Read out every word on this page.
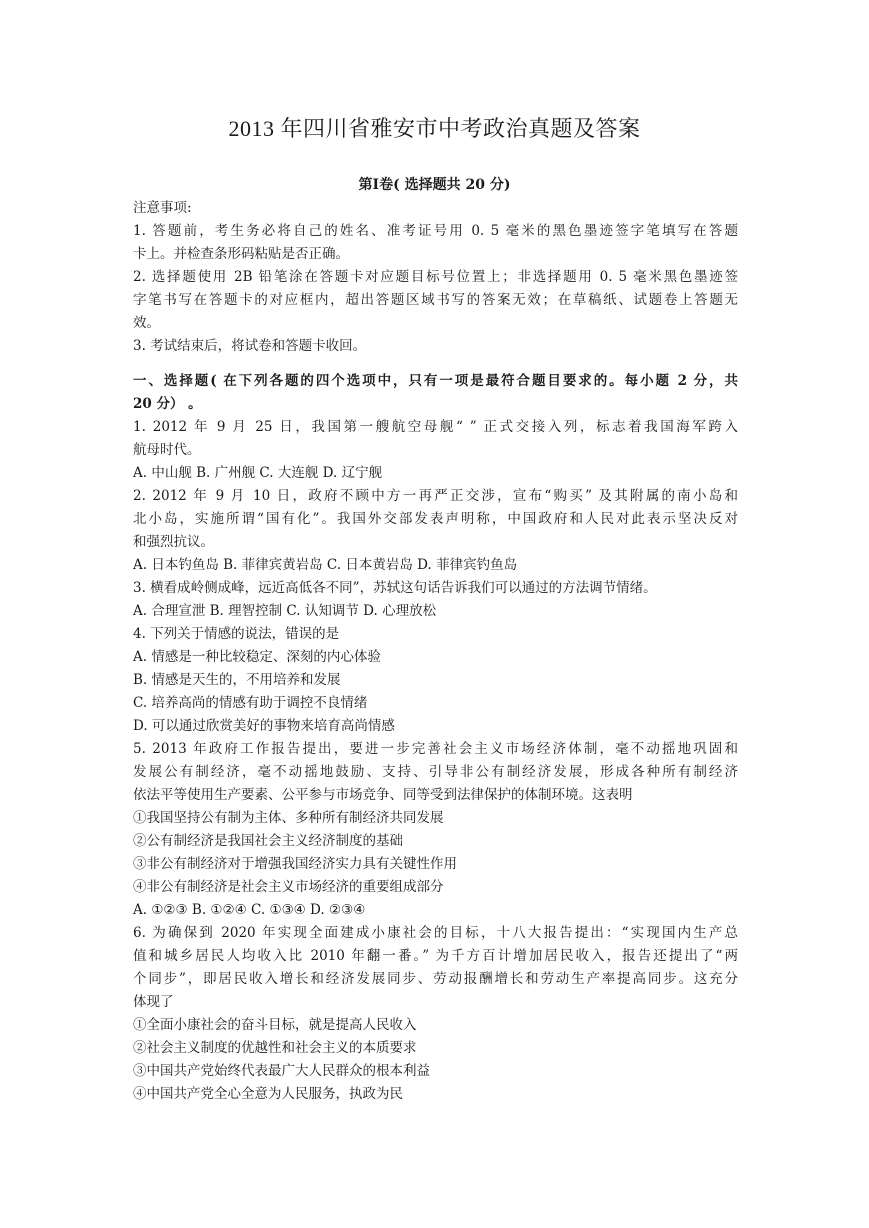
2013 年四川省雅安市中考政治真题及答案
第Ⅰ卷( 选择题共 20 分)
注意事项:
1. 答题前，考生务必将自己的姓名、准考证号用 0. 5 毫米的黑色墨迹签字笔填写在答题
卡上。并检查条形码粘贴是否正确。
2. 选择题使用 2B 铅笔涂在答题卡对应题目标号位置上；非选择题用 0. 5 毫米黑色墨迹签
字笔书写在答题卡的对应框内，超出答题区域书写的答案无效；在草稿纸、试题卷上答题无
效。
3. 考试结束后，将试卷和答题卡收回。
一、选择题( 在下列各题的四个选项中，只有一项是最符合题目要求的。每小题 2 分，共
20 分） 。
1. 2012 年 9 月 25 日，我国第一艘航空母舰“ ” 正式交接入列，标志着我国海军跨入
航母时代。
A. 中山舰 B. 广州舰 C. 大连舰 D. 辽宁舰
2. 2012 年 9 月 10 日，政府不顾中方一再严正交涉，宣布“购买” 及其附属的南小岛和
北小岛，实施所谓“国有化”。我国外交部发表声明称，中国政府和人民对此表示坚决反对
和强烈抗议。
A. 日本钓鱼岛 B. 菲律宾黄岩岛 C. 日本黄岩岛 D. 菲律宾钓鱼岛
3. 横看成岭侧成峰，远近高低各不同”，苏轼这句话告诉我们可以通过的方法调节情绪。
A. 合理宣泄 B. 理智控制 C. 认知调节 D. 心理放松
4. 下列关于情感的说法，错误的是
A. 情感是一种比较稳定、深刻的内心体验
B. 情感是天生的，不用培养和发展
C. 培养高尚的情感有助于调控不良情绪
D. 可以通过欣赏美好的事物来培育高尚情感
5. 2013 年政府工作报告提出，要进一步完善社会主义市场经济体制，毫不动摇地巩固和
发展公有制经济，毫不动摇地鼓励、支持、引导非公有制经济发展，形成各种所有制经济
依法平等使用生产要素、公平参与市场竞争、同等受到法律保护的体制环境。这表明
①我国坚持公有制为主体、多种所有制经济共同发展
②公有制经济是我国社会主义经济制度的基础
③非公有制经济对于增强我国经济实力具有关键性作用
④非公有制经济是社会主义市场经济的重要组成部分
A. ①②③ B. ①②④ C. ①③④ D. ②③④
6. 为确保到 2020 年实现全面建成小康社会的目标，十八大报告提出：“实现国内生产总
值和城乡居民人均收入比 2010 年翻一番。” 为千方百计增加居民收入，报告还提出了“两
个同步”，即居民收入增长和经济发展同步、劳动报酬增长和劳动生产率提高同步。这充分
体现了
①全面小康社会的奋斗目标，就是提高人民收入
②社会主义制度的优越性和社会主义的本质要求
③中国共产党始终代表最广大人民群众的根本利益
④中国共产党全心全意为人民服务，执政为民
